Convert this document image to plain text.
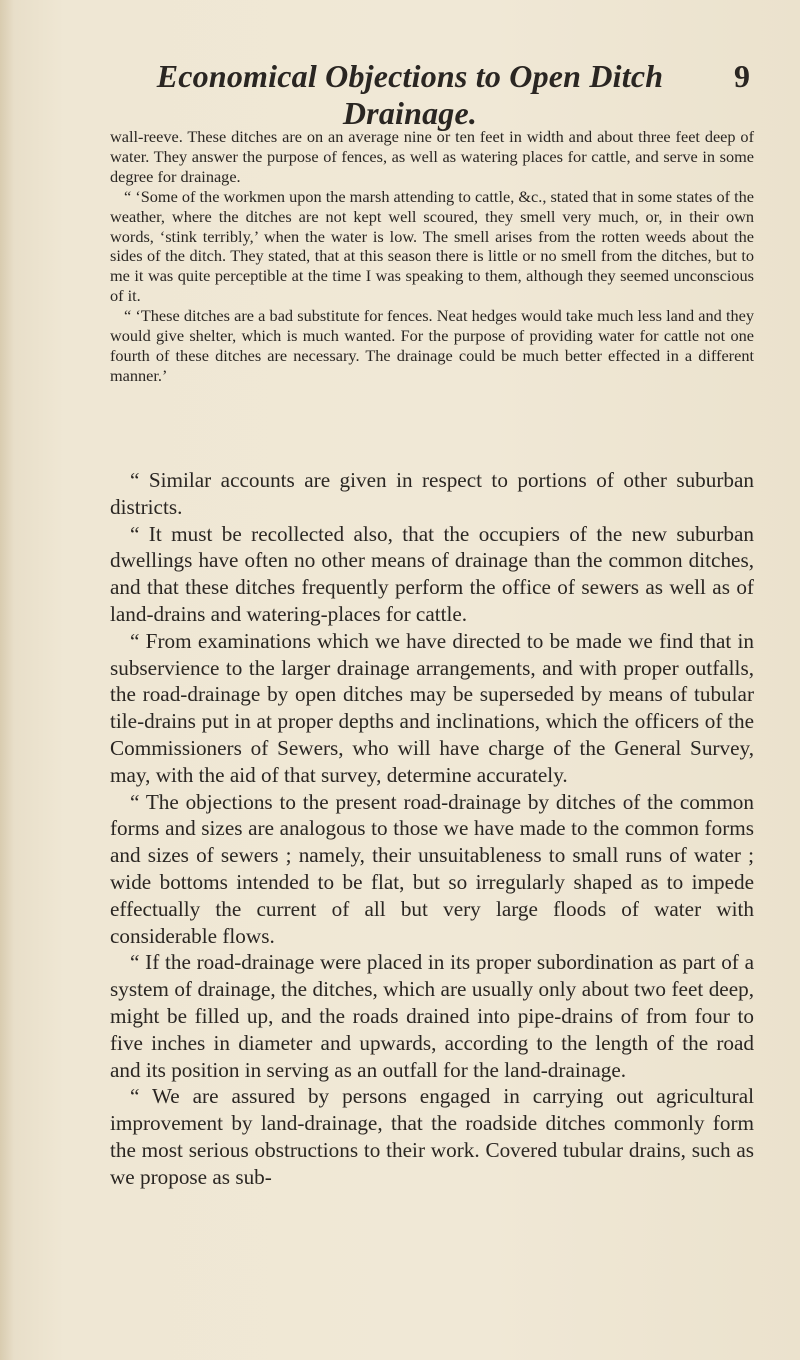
Economical Objections to Open Ditch Drainage.
9

wall-reeve. These ditches are on an average nine or ten feet in width and about three feet deep of water. They answer the purpose of fences, as well as watering places for cattle, and serve in some degree for drainage.

“ ‘Some of the workmen upon the marsh attending to cattle, &c., stated that in some states of the weather, where the ditches are not kept well scoured, they smell very much, or, in their own words, ‘stink terribly,’ when the water is low. The smell arises from the rotten weeds about the sides of the ditch. They stated, that at this season there is little or no smell from the ditches, but to me it was quite perceptible at the time I was speaking to them, although they seemed unconscious of it.

“ ‘These ditches are a bad substitute for fences. Neat hedges would take much less land and they would give shelter, which is much wanted. For the purpose of providing water for cattle not one fourth of these ditches are necessary. The drainage could be much better effected in a different manner.’

“ Similar accounts are given in respect to portions of other suburban districts.

“ It must be recollected also, that the occupiers of the new suburban dwellings have often no other means of drainage than the common ditches, and that these ditches frequently perform the office of sewers as well as of land-drains and watering-places for cattle.

“ From examinations which we have directed to be made we find that in subservience to the larger drainage arrangements, and with proper outfalls, the road-drainage by open ditches may be superseded by means of tubular tile-drains put in at proper depths and inclinations, which the officers of the Commissioners of Sewers, who will have charge of the General Survey, may, with the aid of that survey, determine accurately.

“ The objections to the present road-drainage by ditches of the common forms and sizes are analogous to those we have made to the common forms and sizes of sewers ; namely, their unsuitableness to small runs of water ; wide bottoms intended to be flat, but so irregularly shaped as to impede effectually the current of all but very large floods of water with considerable flows.

“ If the road-drainage were placed in its proper subordination as part of a system of drainage, the ditches, which are usually only about two feet deep, might be filled up, and the roads drained into pipe-drains of from four to five inches in diameter and upwards, according to the length of the road and its position in serving as an outfall for the land-drainage.

“ We are assured by persons engaged in carrying out agricultural improvement by land-drainage, that the roadside ditches commonly form the most serious obstructions to their work. Covered tubular drains, such as we propose as sub-
